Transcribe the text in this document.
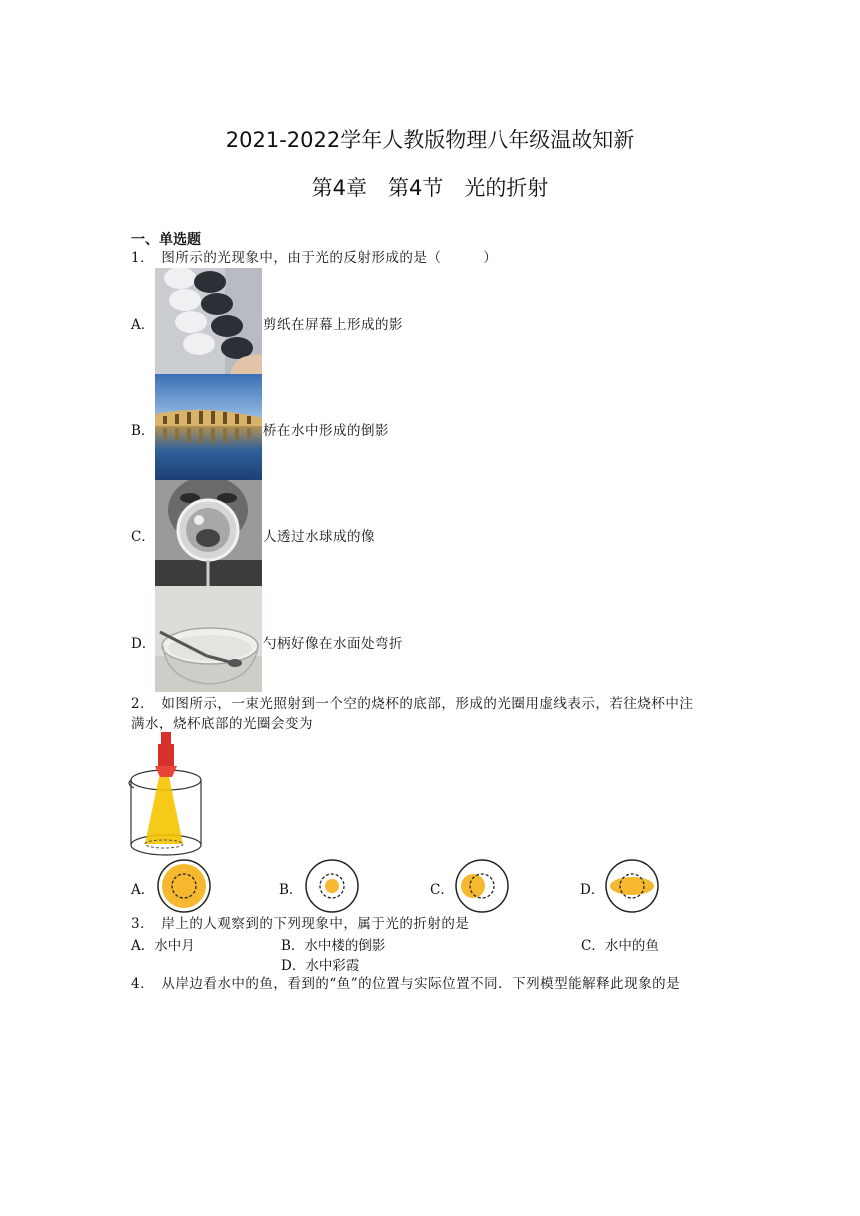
2021-2022学年人教版物理八年级温故知新
第4章　第4节　光的折射
一、单选题
1．　图所示的光现象中，由于光的反射形成的是（　　　）
A．	剪纸在屏幕上形成的影
B．	桥在水中形成的倒影
C．	人透过水球成的像
D．	勺柄好像在水面处弯折
2．　如图所示，一束光照射到一个空的烧杯的底部，形成的光圈用虚线表示，若往烧杯中注
满水，烧杯底部的光圈会变为
A．	B．	C．	D．
3．　岸上的人观察到的下列现象中，属于光的折射的是
A．水中月	B．水中楼的倒影	C．水中的鱼
D．水中彩霞
4．　从岸边看水中的鱼，看到的“鱼”的位置与实际位置不同．下列模型能解释此现象的是
